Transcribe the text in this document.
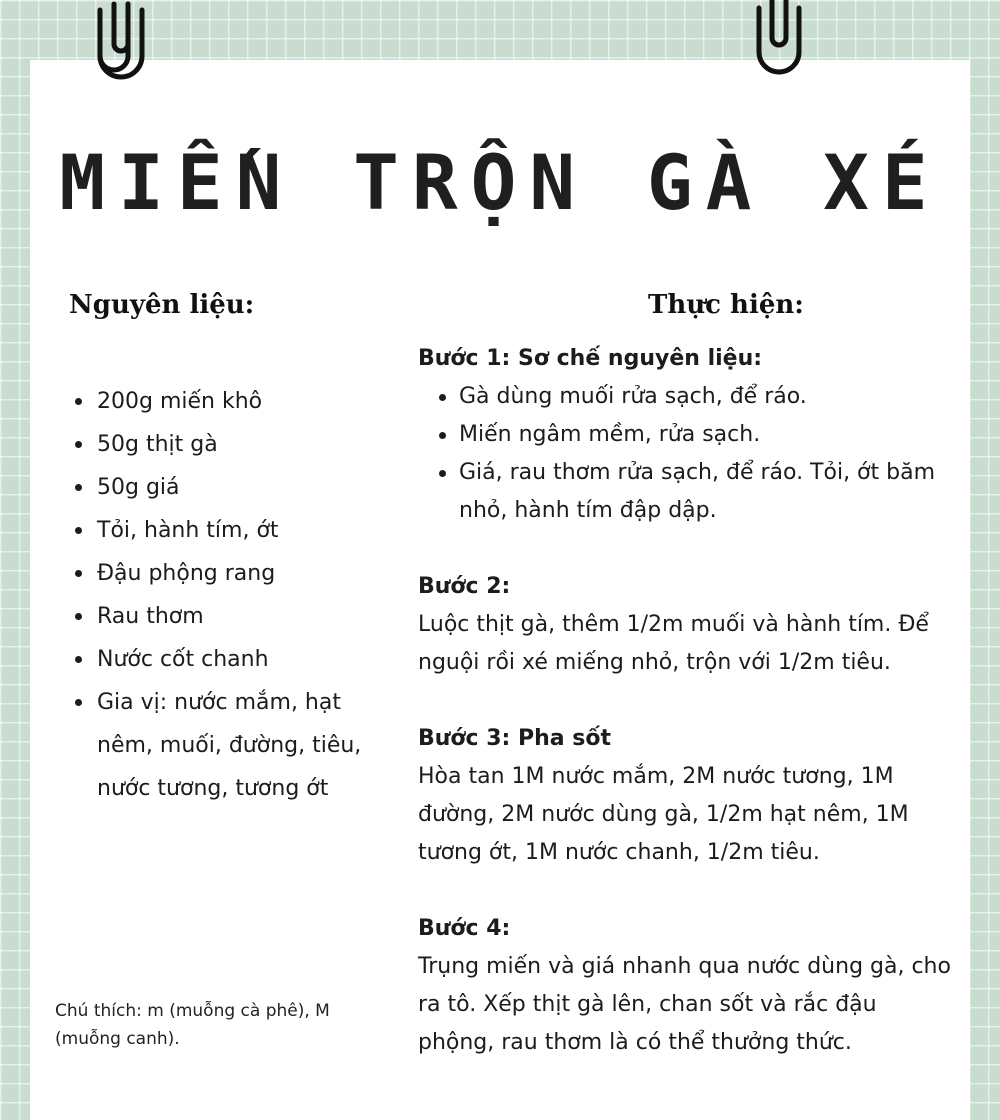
MIẾN TRỘN GÀ XÉ
Nguyên liệu:
200g miến khô
50g thịt gà
50g giá
Tỏi, hành tím, ớt
Đậu phộng rang
Rau thơm
Nước cốt chanh
Gia vị: nước mắm, hạt nêm, muối, đường, tiêu, nước tương, tương ớt
Chú thích: m (muỗng cà phê), M (muỗng canh).
Thực hiện:
Bước 1: Sơ chế nguyên liệu:
Gà dùng muối rửa sạch, để ráo.
Miến ngâm mềm, rửa sạch.
Giá, rau thơm rửa sạch, để ráo. Tỏi, ớt băm nhỏ, hành tím đập dập.
Bước 2:

Luộc thịt gà, thêm 1/2m muối và hành tím. Để nguội rồi xé miếng nhỏ, trộn với 1/2m tiêu.

Bước 3: Pha sốt

Hòa tan 1M nước mắm, 2M nước tương, 1M đường, 2M nước dùng gà, 1/2m hạt nêm, 1M tương ớt, 1M nước chanh, 1/2m tiêu.

Bước 4:

Trụng miến và giá nhanh qua nước dùng gà, cho ra tô. Xếp thịt gà lên, chan sốt và rắc đậu phộng, rau thơm là có thể thưởng thức.
